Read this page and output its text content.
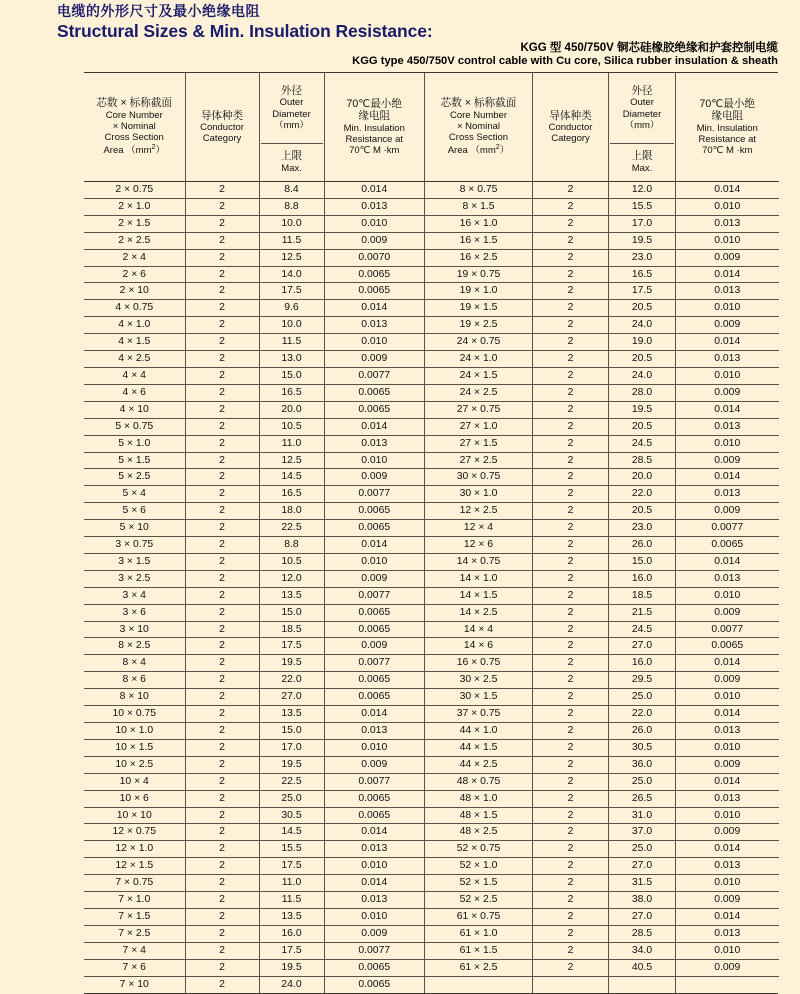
电缆的外形尺寸及最小绝缘电阻
Structural Sizes & Min. Insulation Resistance:
KGG 型 450/750V 铜芯硅橡胶绝缘和护套控制电缆
KGG type 450/750V control cable with Cu core, Silica rubber insulation & sheath
芯数 × 标称截面
Core Number
× Nominal
Cross Section
Area $(mm^2)$

导体种类
Conductor
Category

外径
Outer
Diameter
（mm）
上限
Max.

70℃最小绝
缘电阻
Min. Insulation
Resistance at
70℃ M ·km

2 × 0.75	2	8.4	0.014
2 × 1.0	2	8.8	0.013
2 × 1.5	2	10.0	0.010
2 × 2.5	2	11.5	0.009
2 × 4	2	12.5	0.0070
2 × 6	2	14.0	0.0065
2 × 10	2	17.5	0.0065
4 × 0.75	2	9.6	0.014
4 × 1.0	2	10.0	0.013
4 × 1.5	2	11.5	0.010
4 × 2.5	2	13.0	0.009
4 × 4	2	15.0	0.0077
4 × 6	2	16.5	0.0065
4 × 10	2	20.0	0.0065
5 × 0.75	2	10.5	0.014
5 × 1.0	2	11.0	0.013
5 × 1.5	2	12.5	0.010
5 × 2.5	2	14.5	0.009
5 × 4	2	16.5	0.0077
5 × 6	2	18.0	0.0065
5 × 10	2	22.5	0.0065
3 × 0.75	2	8.8	0.014
3 × 1.5	2	10.5	0.010
3 × 2.5	2	12.0	0.009
3 × 4	2	13.5	0.0077
3 × 6	2	15.0	0.0065
3 × 10	2	18.5	0.0065
8 × 2.5	2	17.5	0.009
8 × 4	2	19.5	0.0077
8 × 6	2	22.0	0.0065
8 × 10	2	27.0	0.0065
10 × 0.75	2	13.5	0.014
10 × 1.0	2	15.0	0.013
10 × 1.5	2	17.0	0.010
10 × 2.5	2	19.5	0.009
10 × 4	2	22.5	0.0077
10 × 6	2	25.0	0.0065
10 × 10	2	30.5	0.0065
12 × 0.75	2	14.5	0.014
12 × 1.0	2	15.5	0.013
12 × 1.5	2	17.5	0.010
7 × 0.75	2	11.0	0.014
7 × 1.0	2	11.5	0.013
7 × 1.5	2	13.5	0.010
7 × 2.5	2	16.0	0.009
7 × 4	2	17.5	0.0077
7 × 6	2	19.5	0.0065
7 × 10	2	24.0	0.0065
芯数 × 标称截面
Core Number
× Nominal
Cross Section
Area $(mm^2)$

导体种类
Conductor
Category

外径
Outer
Diameter
（mm）
上限
Max.

70℃最小绝
缘电阻
Min. Insulation
Resistance at
70℃ M ·km

8 × 0.75	2	12.0	0.014
8 × 1.5	2	15.5	0.010
16 × 1.0	2	17.0	0.013
16 × 1.5	2	19.5	0.010
16 × 2.5	2	23.0	0.009
19 × 0.75	2	16.5	0.014
19 × 1.0	2	17.5	0.013
19 × 1.5	2	20.5	0.010
19 × 2.5	2	24.0	0.009
24 × 0.75	2	19.0	0.014
24 × 1.0	2	20.5	0.013
24 × 1.5	2	24.0	0.010
24 × 2.5	2	28.0	0.009
27 × 0.75	2	19.5	0.014
27 × 1.0	2	20.5	0.013
27 × 1.5	2	24.5	0.010
27 × 2.5	2	28.5	0.009
30 × 0.75	2	20.0	0.014
30 × 1.0	2	22.0	0.013
12 × 2.5	2	20.5	0.009
12 × 4	2	23.0	0.0077
12 × 6	2	26.0	0.0065
14 × 0.75	2	15.0	0.014
14 × 1.0	2	16.0	0.013
14 × 1.5	2	18.5	0.010
14 × 2.5	2	21.5	0.009
14 × 4	2	24.5	0.0077
14 × 6	2	27.0	0.0065
16 × 0.75	2	16.0	0.014
30 × 2.5	2	29.5	0.009
30 × 1.5	2	25.0	0.010
37 × 0.75	2	22.0	0.014
44 × 1.0	2	26.0	0.013
44 × 1.5	2	30.5	0.010
44 × 2.5	2	36.0	0.009
48 × 0.75	2	25.0	0.014
48 × 1.0	2	26.5	0.013
48 × 1.5	2	31.0	0.010
48 × 2.5	2	37.0	0.009
52 × 0.75	2	25.0	0.014
52 × 1.0	2	27.0	0.013
52 × 1.5	2	31.5	0.010
52 × 2.5	2	38.0	0.009
61 × 0.75	2	27.0	0.014
61 × 1.0	2	28.5	0.013
61 × 1.5	2	34.0	0.010
61 × 2.5	2	40.5	0.009
